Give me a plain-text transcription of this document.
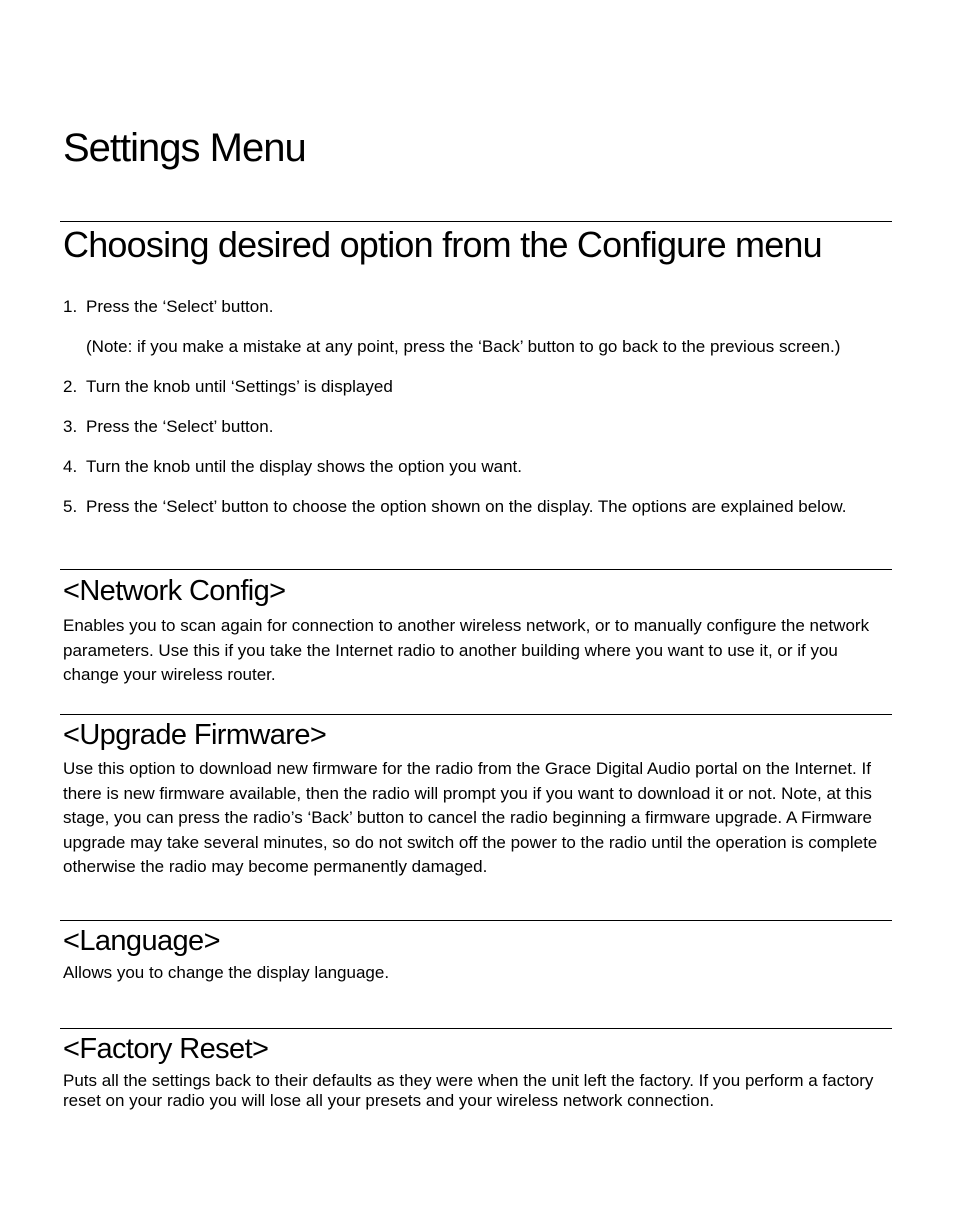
Settings Menu
Choosing desired option from the Configure menu
1. Press the ‘Select’ button.
(Note: if you make a mistake at any point, press the ‘Back’ button to go back to the previous screen.)
2. Turn the knob until ‘Settings’ is displayed
3. Press the ‘Select’ button.
4. Turn the knob until the display shows the option you want.
5. Press the ‘Select’ button to choose the option shown on the display. The options are explained below.
<Network Config>

Enables you to scan again for connection to another wireless network, or to manually configure the network parameters. Use this if you take the Internet radio to another building where you want to use it, or if you change your wireless router.

<Upgrade Firmware>

Use this option to download new firmware for the radio from the Grace Digital Audio portal on the Internet. If there is new firmware available, then the radio will prompt you if you want to download it or not. Note, at this stage, you can press the radio’s ‘Back’ button to cancel the radio beginning a firmware upgrade. A Firmware upgrade may take several minutes, so do not switch off the power to the radio until the operation is complete otherwise the radio may become permanently damaged.

<Language>

Allows you to change the display language.

<Factory Reset>

Puts all the settings back to their defaults as they were when the unit left the factory. If you perform a factory reset on your radio you will lose all your presets and your wireless network connection.
